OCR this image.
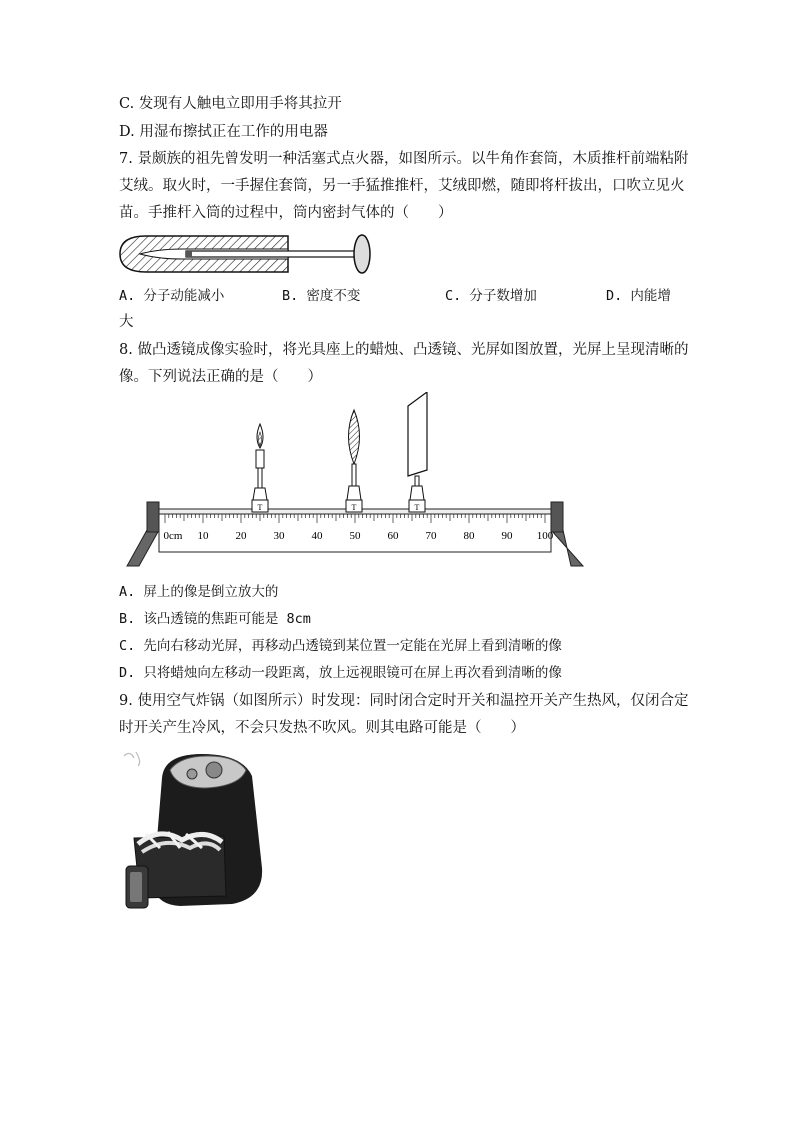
C. 发现有人触电立即用手将其拉开
D. 用湿布擦拭正在工作的用电器
7. 景颇族的祖先曾发明一种活塞式点火器，如图所示。以牛角作套筒，木质推杆前端粘附
艾绒。取火时，一手握住套筒，另一手猛推推杆，艾绒即燃，随即将杆拔出，口吹立见火
苗。手推杆入筒的过程中，筒内密封气体的（　　）
A. 分子动能减小	B. 密度不变	C. 分子数增加	D. 内能增
大
8. 做凸透镜成像实验时，将光具座上的蜡烛、凸透镜、光屏如图放置，光屏上呈现清晰的
像。下列说法正确的是（　　）
0cm 10 20 30 40 50 60 70 80 90 100
T	T	T
A. 屏上的像是倒立放大的
B. 该凸透镜的焦距可能是 8cm
C. 先向右移动光屏，再移动凸透镜到某位置一定能在光屏上看到清晰的像
D. 只将蜡烛向左移动一段距离，放上远视眼镜可在屏上再次看到清晰的像
9. 使用空气炸锅（如图所示）时发现：同时闭合定时开关和温控开关产生热风，仅闭合定
时开关产生冷风，不会只发热不吹风。则其电路可能是（　　）
